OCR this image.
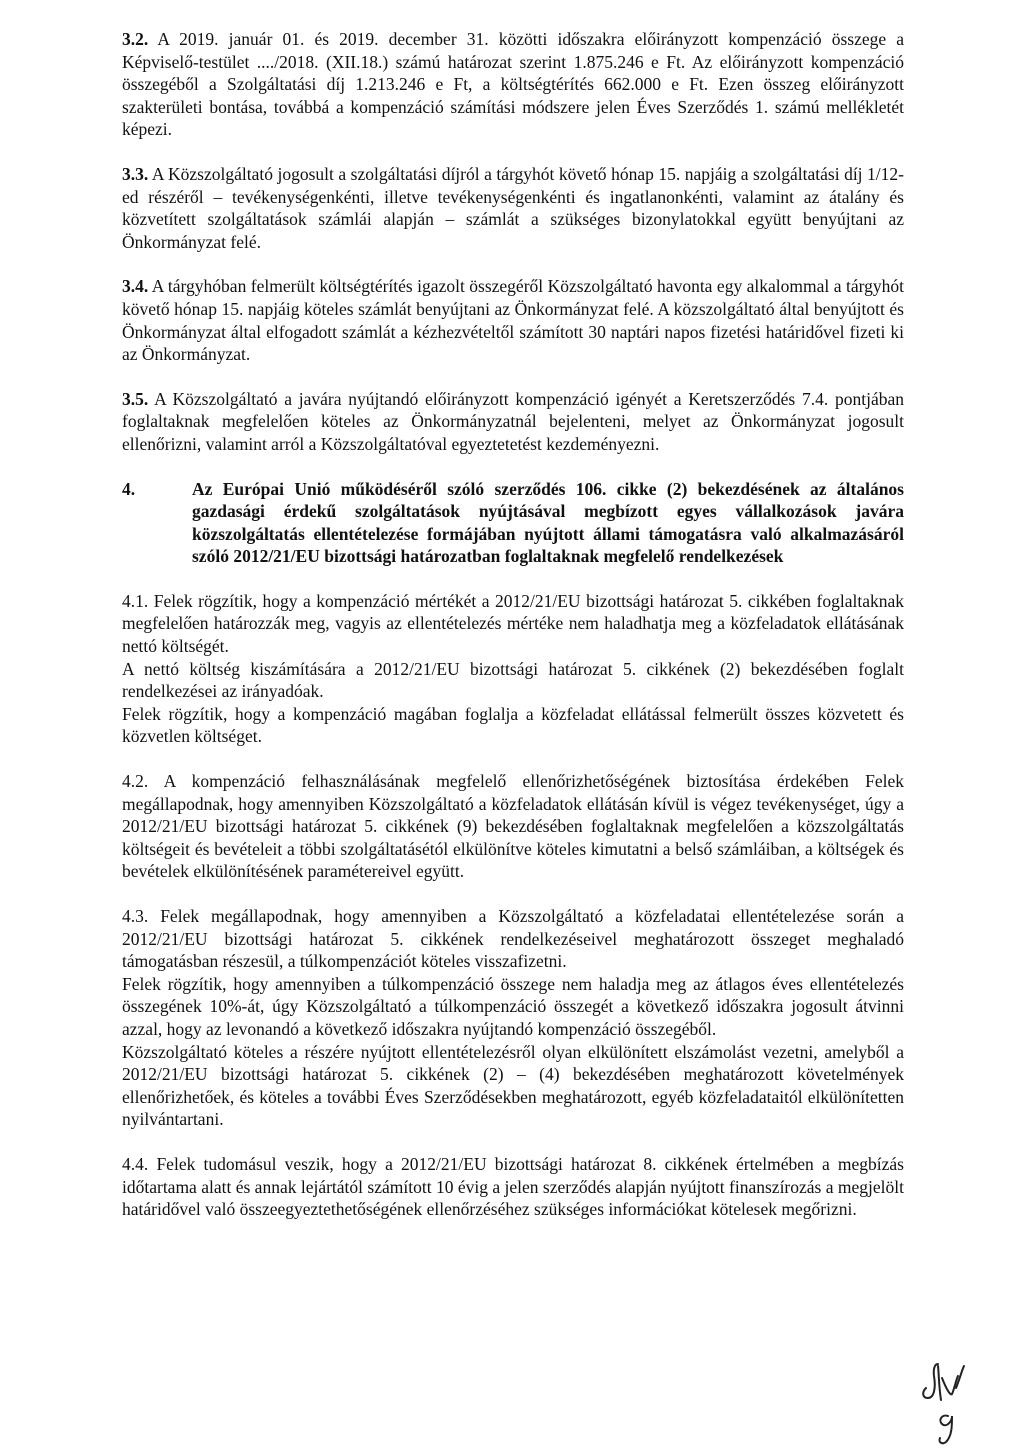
3.2. A 2019. január 01. és 2019. december 31. közötti időszakra előirányzott kompenzáció összege a Képviselő-testület ..../2018. (XII.18.) számú határozat szerint 1.875.246 e Ft. Az előirányzott kompenzáció összegéből a Szolgáltatási díj 1.213.246 e Ft, a költségtérítés 662.000 e Ft. Ezen összeg előirányzott szakterületi bontása, továbbá a kompenzáció számítási módszere jelen Éves Szerződés 1. számú mellékletét képezi.

3.3. A Közszolgáltató jogosult a szolgáltatási díjról a tárgyhót követő hónap 15. napjáig a szolgáltatási díj 1/12-ed részéről – tevékenységenkénti, illetve tevékenységenkénti és ingatlanonkénti, valamint az átalány és közvetített szolgáltatások számlái alapján – számlát a szükséges bizonylatokkal együtt benyújtani az Önkormányzat felé.

3.4. A tárgyhóban felmerült költségtérítés igazolt összegéről Közszolgáltató havonta egy alkalommal a tárgyhót követő hónap 15. napjáig köteles számlát benyújtani az Önkormányzat felé. A közszolgáltató által benyújtott és Önkormányzat által elfogadott számlát a kézhezvételtől számított 30 naptári napos fizetési határidővel fizeti ki az Önkormányzat.

3.5. A Közszolgáltató a javára nyújtandó előirányzott kompenzáció igényét a Keretszerződés 7.4. pontjában foglaltaknak megfelelően köteles az Önkormányzatnál bejelenteni, melyet az Önkormányzat jogosult ellenőrizni, valamint arról a Közszolgáltatóval egyeztetetést kezdeményezni.

4.	Az Európai Unió működéséről szóló szerződés 106. cikke (2) bekezdésének az általános gazdasági érdekű szolgáltatások nyújtásával megbízott egyes vállalkozások javára közszolgáltatás ellentételezése formájában nyújtott állami támogatásra való alkalmazásáról szóló 2012/21/EU bizottsági határozatban foglaltaknak megfelelő rendelkezések

4.1. Felek rögzítik, hogy a kompenzáció mértékét a 2012/21/EU bizottsági határozat 5. cikkében foglaltaknak megfelelően határozzák meg, vagyis az ellentételezés mértéke nem haladhatja meg a közfeladatok ellátásának nettó költségét.

A nettó költség kiszámítására a 2012/21/EU bizottsági határozat 5. cikkének (2) bekezdésében foglalt rendelkezései az irányadóak.

Felek rögzítik, hogy a kompenzáció magában foglalja a közfeladat ellátással felmerült összes közvetett és közvetlen költséget.

4.2. A kompenzáció felhasználásának megfelelő ellenőrizhetőségének biztosítása érdekében Felek megállapodnak, hogy amennyiben Közszolgáltató a közfeladatok ellátásán kívül is végez tevékenységet, úgy a 2012/21/EU bizottsági határozat 5. cikkének (9) bekezdésében foglaltaknak megfelelően a közszolgáltatás költségeit és bevételeit a többi szolgáltatásétól elkülönítve köteles kimutatni a belső számláiban, a költségek és bevételek elkülönítésének paramétereivel együtt.

4.3. Felek megállapodnak, hogy amennyiben a Közszolgáltató a közfeladatai ellentételezése során a 2012/21/EU bizottsági határozat 5. cikkének rendelkezéseivel meghatározott összeget meghaladó támogatásban részesül, a túlkompenzációt köteles visszafizetni.

Felek rögzítik, hogy amennyiben a túlkompenzáció összege nem haladja meg az átlagos éves ellentételezés összegének 10%-át, úgy Közszolgáltató a túlkompenzáció összegét a következő időszakra jogosult átvinni azzal, hogy az levonandó a következő időszakra nyújtandó kompenzáció összegéből.

Közszolgáltató köteles a részére nyújtott ellentételezésről olyan elkülönített elszámolást vezetni, amelyből a 2012/21/EU bizottsági határozat 5. cikkének (2) – (4) bekezdésében meghatározott követelmények ellenőrizhetőek, és köteles a további Éves Szerződésekben meghatározott, egyéb közfeladataitól elkülönítetten nyilvántartani.

4.4. Felek tudomásul veszik, hogy a 2012/21/EU bizottsági határozat 8. cikkének értelmében a megbízás időtartama alatt és annak lejártától számított 10 évig a jelen szerződés alapján nyújtott finanszírozás a megjelölt határidővel való összeegyeztethetőségének ellenőrzéséhez szükséges információkat kötelesek megőrizni.
